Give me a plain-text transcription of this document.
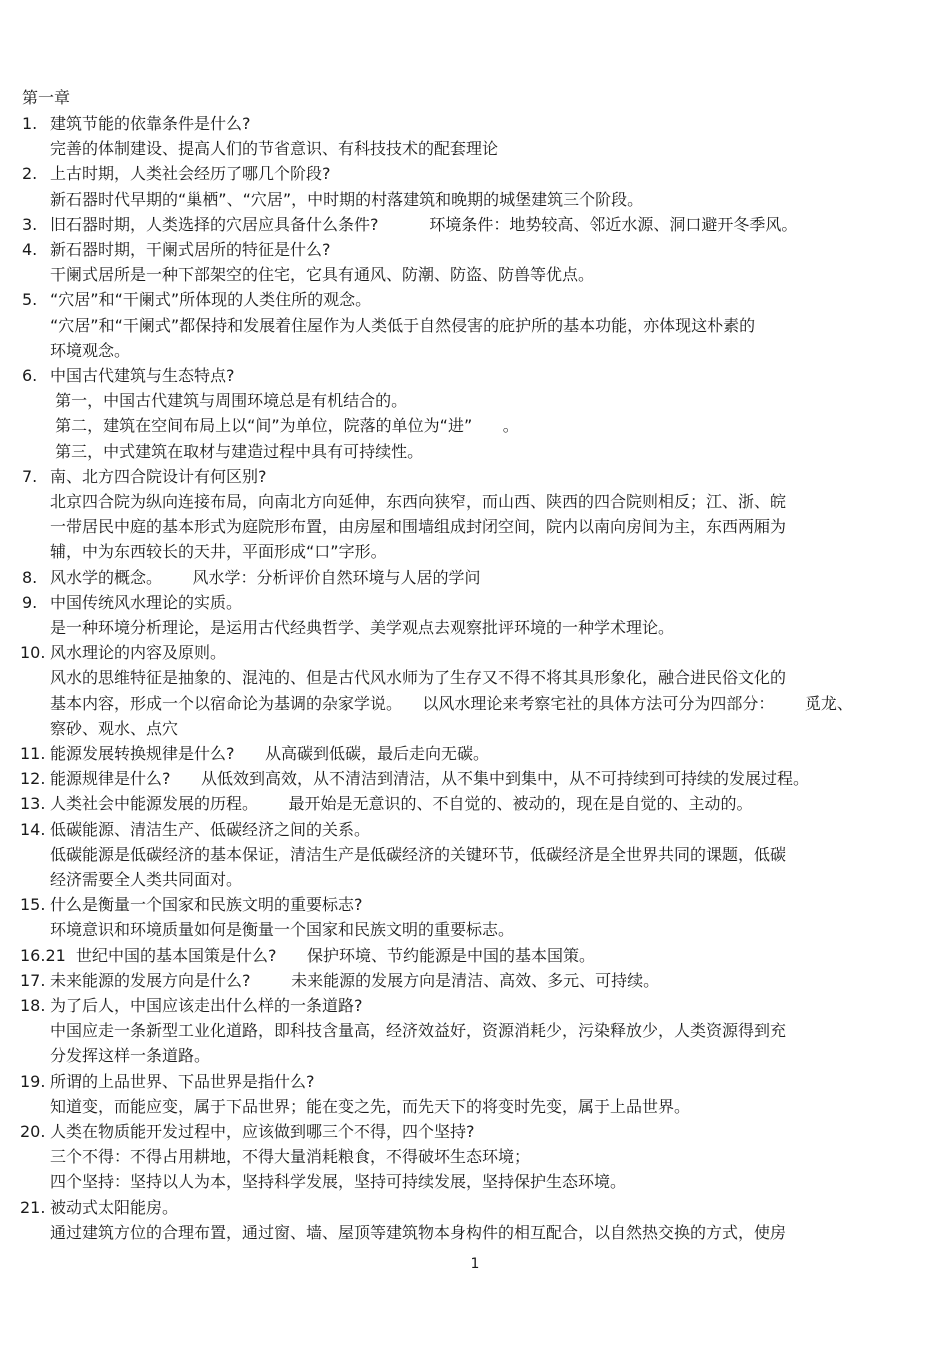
第一章
1. 建筑节能的依靠条件是什么?
完善的体制建设、提高人们的节省意识、有科技技术的配套理论
2. 上古时期，人类社会经历了哪几个阶段?
新石器时代早期的“巢栖”、“穴居”，中时期的村落建筑和晚期的城堡建筑三个阶段。
3. 旧石器时期，人类选择的穴居应具备什么条件?          环境条件：地势较高、邻近水源、洞口避开冬季风。
4. 新石器时期，干阑式居所的特征是什么?
干阑式居所是一种下部架空的住宅，它具有通风、防潮、防盗、防兽等优点。
5. “穴居”和“干阑式”所体现的人类住所的观念。
“穴居”和“干阑式”都保持和发展着住屋作为人类低于自然侵害的庇护所的基本功能，亦体现这朴素的
环境观念。
6. 中国古代建筑与生态特点?
第一，中国古代建筑与周围环境总是有机结合的。
第二，建筑在空间布局上以“间”为单位，院落的单位为“进”      。
第三，中式建筑在取材与建造过程中具有可持续性。
7. 南、北方四合院设计有何区别?
北京四合院为纵向连接布局，向南北方向延伸，东西向狭窄，而山西、陕西的四合院则相反；江、浙、皖
一带居民中庭的基本形式为庭院形布置，由房屋和围墙组成封闭空间，院内以南向房间为主，东西两厢为
辅，中为东西较长的天井，平面形成“口”字形。
8. 风水学的概念。      风水学：分析评价自然环境与人居的学问
9. 中国传统风水理论的实质。
是一种环境分析理论，是运用古代经典哲学、美学观点去观察批评环境的一种学术理论。
10. 风水理论的内容及原则。
风水的思维特征是抽象的、混沌的、但是古代风水师为了生存又不得不将其具形象化，融合进民俗文化的
基本内容，形成一个以宿命论为基调的杂家学说。    以风水理论来考察宅社的具体方法可分为四部分：      觅龙、
察砂、观水、点穴
11. 能源发展转换规律是什么?      从高碳到低碳，最后走向无碳。
12. 能源规律是什么?      从低效到高效，从不清洁到清洁，从不集中到集中，从不可持续到可持续的发展过程。
13. 人类社会中能源发展的历程。      最开始是无意识的、不自觉的、被动的，现在是自觉的、主动的。
14. 低碳能源、清洁生产、低碳经济之间的关系。
低碳能源是低碳经济的基本保证，清洁生产是低碳经济的关键环节，低碳经济是全世界共同的课题，低碳
经济需要全人类共同面对。
15. 什么是衡量一个国家和民族文明的重要标志?
环境意识和环境质量如何是衡量一个国家和民族文明的重要标志。
16.21 世纪中国的基本国策是什么?      保护环境、节约能源是中国的基本国策。
17. 未来能源的发展方向是什么?        未来能源的发展方向是清洁、高效、多元、可持续。
18. 为了后人，中国应该走出什么样的一条道路?
中国应走一条新型工业化道路，即科技含量高，经济效益好，资源消耗少，污染释放少，人类资源得到充
分发挥这样一条道路。
19. 所谓的上品世界、下品世界是指什么?
知道变，而能应变，属于下品世界；能在变之先，而先天下的将变时先变，属于上品世界。
20. 人类在物质能开发过程中，应该做到哪三个不得，四个坚持?
三个不得：不得占用耕地，不得大量消耗粮食，不得破坏生态环境；
四个坚持：坚持以人为本，坚持科学发展，坚持可持续发展，坚持保护生态环境。
21. 被动式太阳能房。
通过建筑方位的合理布置，通过窗、墙、屋顶等建筑物本身构件的相互配合，以自然热交换的方式，使房
1
